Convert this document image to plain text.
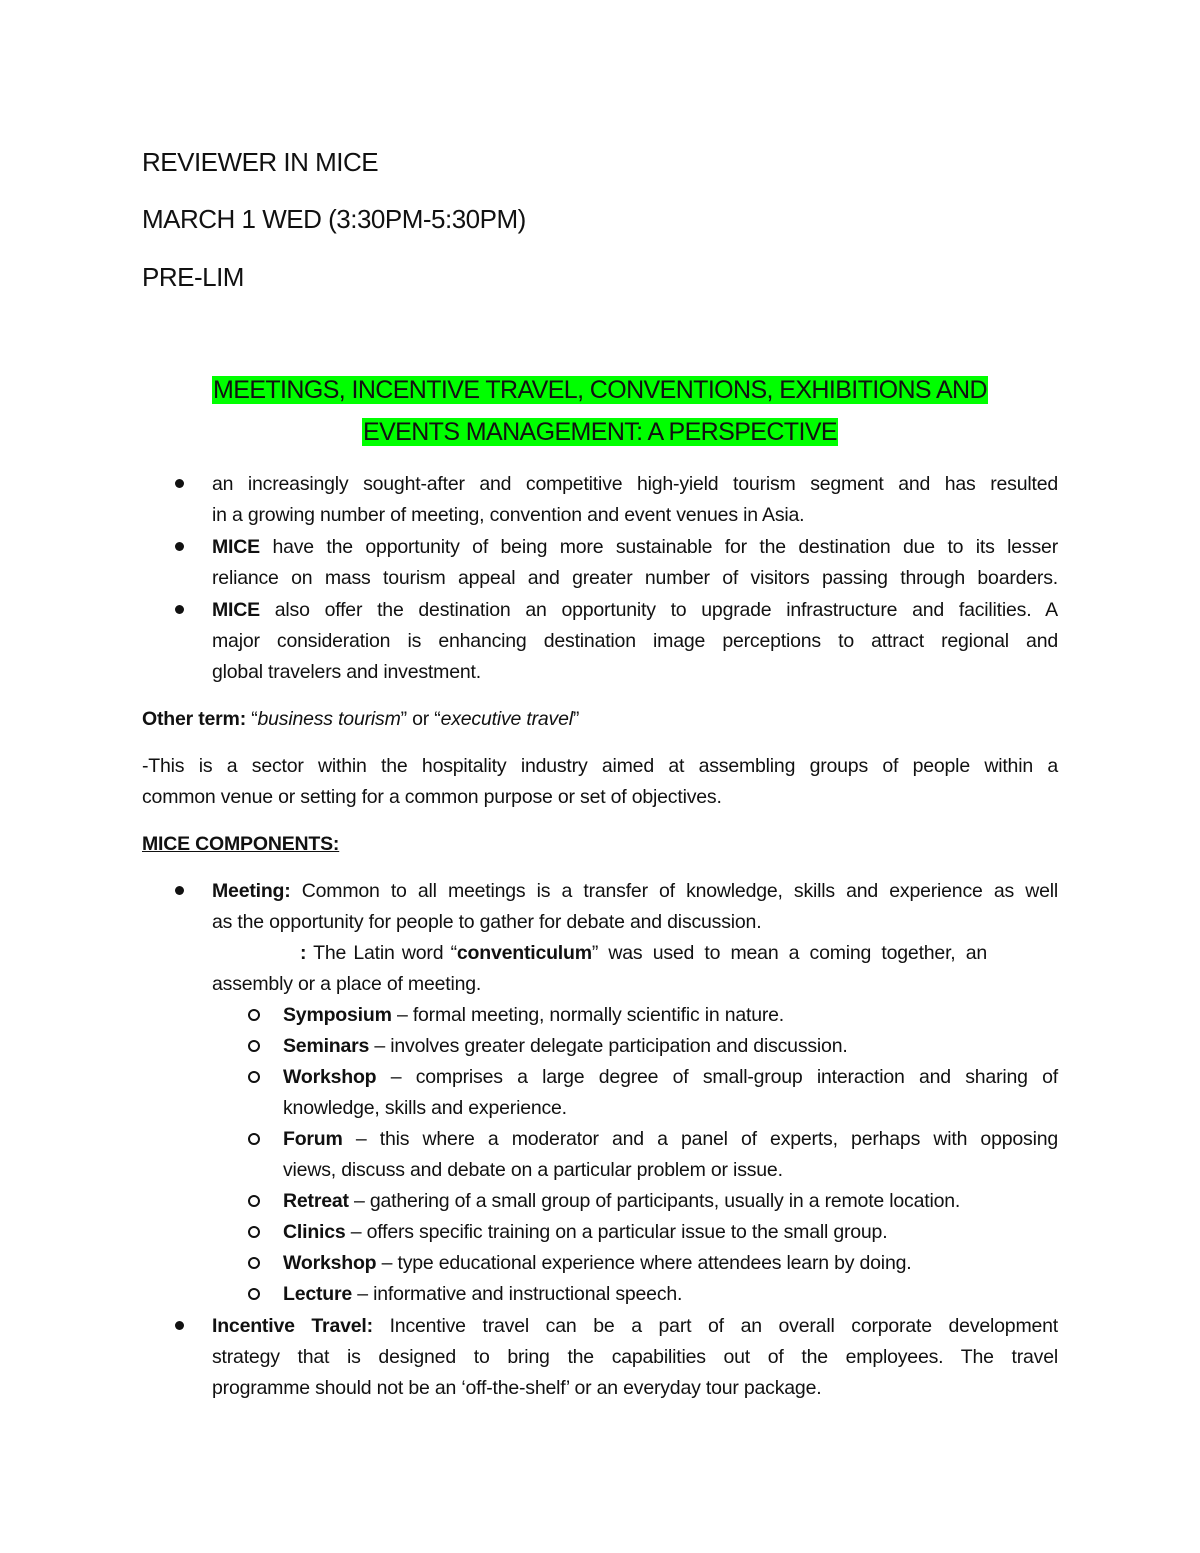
REVIEWER IN MICE
MARCH 1 WED (3:30PM-5:30PM)
PRE-LIM
MEETINGS, INCENTIVE TRAVEL, CONVENTIONS, EXHIBITIONS AND
EVENTS MANAGEMENT: A PERSPECTIVE
an increasingly sought-after and competitive high-yield tourism segment and has resulted
in a growing number of meeting, convention and event venues in Asia.
MICE have the opportunity of being more sustainable for the destination due to its lesser
reliance on mass tourism appeal and greater number of visitors passing through boarders.
MICE also offer the destination an opportunity to upgrade infrastructure and facilities. A
major consideration is enhancing destination image perceptions to attract regional and
global travelers and investment.
Other term: “business tourism” or “executive travel”
-This is a sector within the hospitality industry aimed at assembling groups of people within a
common venue or setting for a common purpose or set of objectives.
MICE COMPONENTS:
Meeting: Common to all meetings is a transfer of knowledge, skills and experience as well
as the opportunity for people to gather for debate and discussion.
: The Latin word “conventiculum” was used to mean a coming together, an
assembly or a place of meeting.
Symposium – formal meeting, normally scientific in nature.
Seminars – involves greater delegate participation and discussion.
Workshop – comprises a large degree of small-group interaction and sharing of
knowledge, skills and experience.
Forum – this where a moderator and a panel of experts, perhaps with opposing
views, discuss and debate on a particular problem or issue.
Retreat – gathering of a small group of participants, usually in a remote location.
Clinics – offers specific training on a particular issue to the small group.
Workshop – type educational experience where attendees learn by doing.
Lecture – informative and instructional speech.
Incentive Travel: Incentive travel can be a part of an overall corporate development
strategy that is designed to bring the capabilities out of the employees. The travel
programme should not be an ‘off-the-shelf’ or an everyday tour package.
